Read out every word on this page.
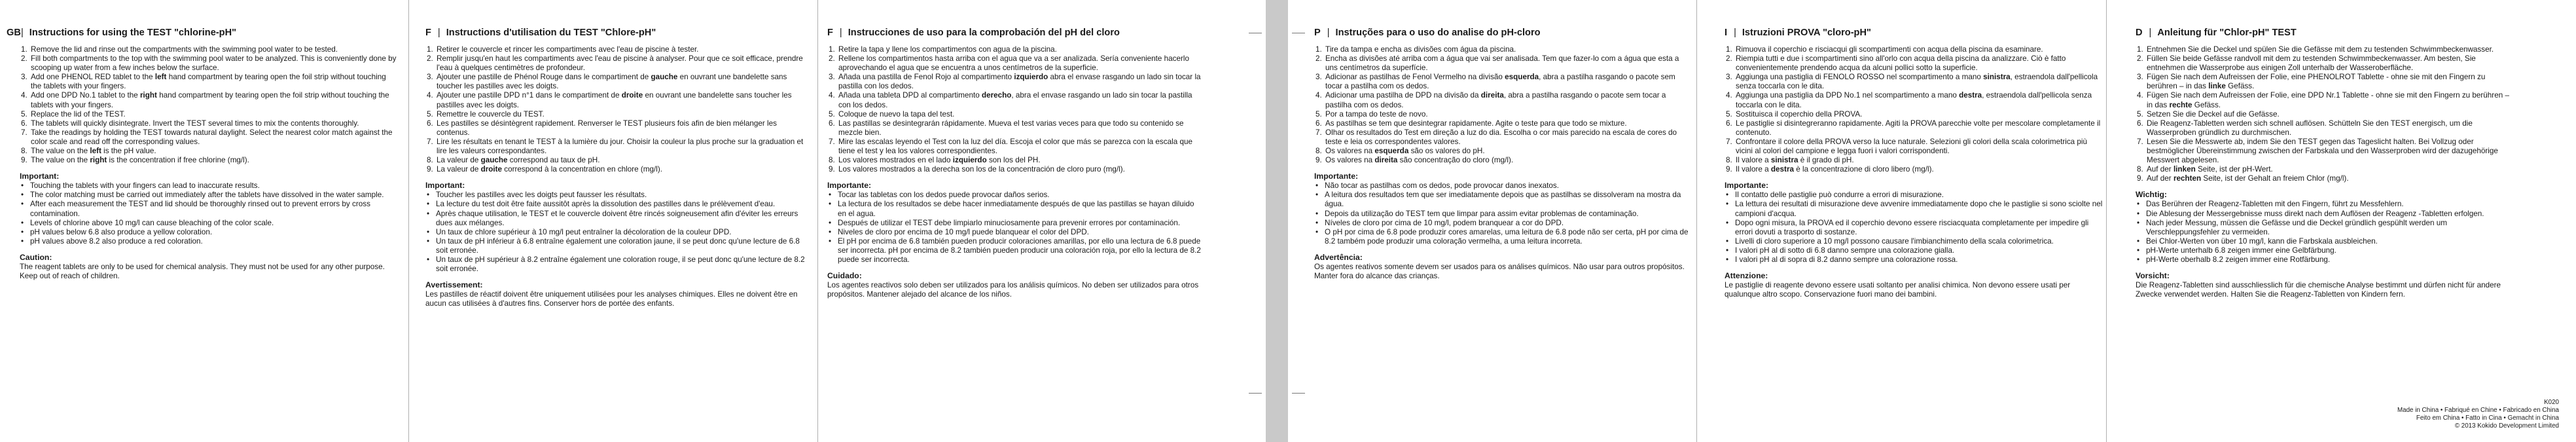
GB
K020
Made in China • Fabriqué en Chine • Fabricado en China
Feito em China • Fatto in Cina • Gemacht in China
© 2013 Kokido Development Limited
| Instructions for using the TEST "chlorine-pH"
1. Remove the lid and rinse out the compartments with the swimming pool water to be tested.
2. Fill both compartments to the top with the swimming pool water to be analyzed. This is conveniently done by scooping up water from a few inches below the surface.
3. Add one PHENOL RED tablet to the left hand compartment by tearing open the foil strip without touching the tablets with your fingers.
4. Add one DPD No.1 tablet to the right hand compartment by tearing open the foil strip without touching the tablets with your fingers.
5. Replace the lid of the TEST.
6. The tablets will quickly disintegrate. Invert the TEST several times to mix the contents thoroughly.
7. Take the readings by holding the TEST towards natural daylight. Select the nearest color match against the color scale and read off the corresponding values.
8. The value on the left is the pH value.
9. The value on the right is the concentration if free chlorine (mg/l).
Important:
• Touching the tablets with your fingers can lead to inaccurate results.
• The color matching must be carried out immediately after the tablets have dissolved in the water sample.
• After each measurement the TEST and lid should be thoroughly rinsed out to prevent errors by cross contamination.
• Levels of chlorine above 10 mg/l can cause bleaching of the color scale.
• pH values below 6.8 also produce a yellow coloration.
• pH values above 8.2 also produce a red coloration.
Caution:

The reagent tablets are only to be used for chemical analysis. They must not be used for any other purpose. Keep out of reach of children.

F | Instructions d'utilisation du TEST "Chlore-pH"
1. Retirer le couvercle et rincer les compartiments avec l'eau de piscine à tester.
2. Remplir jusqu'en haut les compartiments avec l'eau de piscine à analyser. Pour que ce soit efficace, prendre l'eau à quelques centimètres de profondeur.
3. Ajouter une pastille de Phénol Rouge dans le compartiment de gauche en ouvrant une bandelette sans toucher les pastilles avec les doigts.
4. Ajouter une pastille DPD n°1 dans le compartiment de droite en ouvrant une bandelette sans toucher les pastilles avec les doigts.
5. Remettre le couvercle du TEST.
6. Les pastilles se désintègrent rapidement. Renverser le TEST plusieurs fois afin de bien mélanger les contenus.
7. Lire les résultats en tenant le TEST à la lumière du jour. Choisir la couleur la plus proche sur la graduation et lire les valeurs correspondantes.
8. La valeur de gauche correspond au taux de pH.
9. La valeur de droite correspond à la concentration en chlore (mg/l).
Important:
• Toucher les pastilles avec les doigts peut fausser les résultats.
• La lecture du test doit être faite aussitôt après la dissolution des pastilles dans le prélèvement d'eau.
• Après chaque utilisation, le TEST et le couvercle doivent être rincés soigneusement afin d'éviter les erreurs dues aux mélanges.
• Un taux de chlore supérieur à 10 mg/l peut entraîner la décoloration de la couleur DPD.
• Un taux de pH inférieur à 6.8 entraîne également une coloration jaune, il se peut donc qu'une lecture de 6.8 soit erronée.
• Un taux de pH supérieur à 8.2 entraîne également une coloration rouge, il se peut donc qu'une lecture de 8.2 soit erronée.
Avertissement:

Les pastilles de réactif doivent être uniquement utilisées pour les analyses chimiques. Elles ne doivent être en aucun cas utilisées à d'autres fins. Conserver hors de portée des enfants.

F | Instrucciones de uso para la comprobación del pH del cloro
1. Retire la tapa y llene los compartimentos con agua de la piscina.
2. Rellene los compartimentos hasta arriba con el agua que va a ser analizada. Sería conveniente hacerlo aprovechando el agua que se encuentra a unos centímetros de la superficie.
3. Añada una pastilla de Fenol Rojo al compartimento izquierdo abra el envase rasgando un lado sin tocar la pastilla con los dedos.
4. Añada una tableta DPD al compartimento derecho, abra el envase rasgando un lado sin tocar la pastilla con los dedos.
5. Coloque de nuevo la tapa del test.
6. Las pastillas se desintegrarán rápidamente. Mueva el test varias veces para que todo su contenido se mezcle bien.
7. Mire las escalas leyendo el Test con la luz del día. Escoja el color que más se parezca con la escala que tiene el test y lea los valores correspondientes.
8. Los valores mostrados en el lado izquierdo son los del PH.
9. Los valores mostrados a la derecha son los de la concentración de cloro puro (mg/l).
Importante:
• Tocar las tabletas con los dedos puede provocar daños serios.
• La lectura de los resultados se debe hacer inmediatamente después de que las pastillas se hayan diluido en el agua.
• Después de utilizar el TEST debe limpiarlo minuciosamente para prevenir errores por contaminación.
• Niveles de cloro por encima de 10 mg/l puede blanquear el color del DPD.
• El pH por encima de 6.8 también pueden producir coloraciones amarillas, por ello una lectura de 6.8 puede ser incorrecta. pH por encima de 8.2 también pueden producir una coloración roja, por ello la lectura de 8.2 puede ser incorrecta.
Cuidado:

Los agentes reactivos solo deben ser utilizados para los análisis químicos. No deben ser utilizados para otros propósitos. Mantener alejado del alcance de los niños.

P | Instruções para o uso do analise do pH-cloro
1. Tire da tampa e encha as divisões com água da piscina.
2. Encha as divisões até arriba com a água que vai ser analisada. Tem que fazer-lo com a água que esta a uns centímetros da superfície.
3. Adicionar as pastilhas de Fenol Vermelho na divisão esquerda, abra a pastilha rasgando o pacote sem tocar a pastilha com os dedos.
4. Adicionar uma pastilha de DPD na divisão da direita, abra a pastilha rasgando o pacote sem tocar a pastilha com os dedos.
5. Por a tampa do teste de novo.
6. As pastilhas se tem que desintegrar rapidamente. Agite o teste para que todo se mixture.
7. Olhar os resultados do Test em direção a luz do dia. Escolha o cor mais parecido na escala de cores do teste e leia os correspondentes valores.
8. Os valores na esquerda são os valores do pH.
9. Os valores na direita são concentração do cloro (mg/l).
Importante:
• Não tocar as pastilhas com os dedos, pode provocar danos inexatos.
• A leitura dos resultados tem que ser imediatamente depois que as pastilhas se dissolveram na mostra da água.
• Depois da utilização do TEST tem que limpar para assim evitar problemas de contaminação.
• Níveles de cloro por cima de 10 mg/l, podem branquear a cor do DPD.
• O pH por cima de 6.8 pode produzir cores amarelas, uma leitura de 6.8 pode não ser certa, pH por cima de 8.2 também pode produzir uma coloração vermelha, a uma leitura incorreta.
Advertência:

Os agentes reativos somente devem ser usados para os análises químicos. Não usar para outros propósitos. Manter fora do alcance das crianças.

I | Istruzioni PROVA "cloro-pH"
1. Rimuova il coperchio e risciacqui gli scompartimenti con acqua della piscina da esaminare.
2. Riempia tutti e due i scompartimenti sino all'orlo con acqua della piscina da analizzare. Ciò è fatto convenientemente prendendo acqua da alcuni pollici sotto la superficie.
3. Aggiunga una pastiglia di FENOLO ROSSO nel scompartimento a mano sinistra, estraendola dall'pellicola senza toccarla con le dita.
4. Aggiunga una pastiglia da DPD No.1 nel scompartimento a mano destra, estraendola dall'pellicola senza toccarla con le dita.
5. Sostituisca il coperchio della PROVA.
6. Le pastiglie si disintegreranno rapidamente. Agiti la PROVA parecchie volte per mescolare completamente il contenuto.
7. Confrontare il colore della PROVA verso la luce naturale. Selezioni gli colori della scala colorimetrica più vicini al colori del campione e legga fuori i valori corrispondenti.
8. Il valore a sinistra è il grado di pH.
9. Il valore a destra è la concentrazione di cloro libero (mg/l).
Importante:
• Il contatto delle pastiglie può condurre a errori di misurazione.
• La lettura dei resultati di misurazione deve avvenire immediatamente dopo che le pastiglie si sono sciolte nel campioni d'acqua.
• Dopo ogni misura, la PROVA ed il coperchio devono essere risciacquata completamente per impedire gli errori dovuti a trasporto di sostanze.
• Livelli di cloro superiore a 10 mg/l possono causare l'imbianchimento della scala colorimetrica.
• I valori pH al di sotto di 6.8 danno sempre una colorazione gialla.
• I valori pH al di sopra di 8.2 danno sempre una colorazione rossa.
Attenzione:

Le pastiglie di reagente devono essere usati soltanto per analisi chimica. Non devono essere usati per qualunque altro scopo. Conservazione fuori mano dei bambini.

D | Anleitung für "Chlor-pH" TEST
1. Entnehmen Sie die Deckel und spülen Sie die Gefässe mit dem zu testenden Schwimmbeckenwasser.
2. Füllen Sie beide Gefässe randvoll mit dem zu testenden Schwimmbeckenwasser. Am besten, Sie entnehmen die Wasserprobe aus einigen Zoll unterhalb der Wasseroberfläche.
3. Fügen Sie nach dem Aufreissen der Folie, eine PHENOLROT Tablette - ohne sie mit den Fingern zu berühren – in das linke Gefäss.
4. Fügen Sie nach dem Aufreissen der Folie, eine DPD Nr.1 Tablette - ohne sie mit den Fingern zu berühren – in das rechte Gefäss.
5. Setzen Sie die Deckel auf die Gefässe.
6. Die Reagenz-Tabletten werden sich schnell auflösen. Schütteln Sie den TEST energisch, um die Wasserproben gründlich zu durchmischen.
7. Lesen Sie die Messwerte ab, indem Sie den TEST gegen das Tageslicht halten. Bei Vollzug oder bestmöglicher Übereinstimmung zwischen der Farbskala und den Wasserproben wird der dazugehörige Messwert abgelesen.
8. Auf der linken Seite, ist der pH-Wert.
9. Auf der rechten Seite, ist der Gehalt an freiem Chlor (mg/l).
Wichtig:
• Das Berühren der Reagenz-Tabletten mit den Fingern, führt zu Messfehlern.
• Die Ablesung der Messergebnisse muss direkt nach dem Auflösen der Reagenz -Tabletten erfolgen.
• Nach jeder Messung, müssen die Gefässe und die Deckel gründlich gespühlt werden um Verschleppungsfehler zu vermeiden.
• Bei Chlor-Werten von über 10 mg/l, kann die Farbskala ausbleichen.
• pH-Werte unterhalb 6.8 zeigen immer eine Gelbfärbung.
• pH-Werte oberhalb 8.2 zeigen immer eine Rotfärbung.
Vorsicht:

Die Reagenz-Tabletten sind ausschliesslich für die chemische Analyse bestimmt und dürfen nicht für andere Zwecke verwendet werden. Halten Sie die Reagenz-Tabletten von Kindern fern.
